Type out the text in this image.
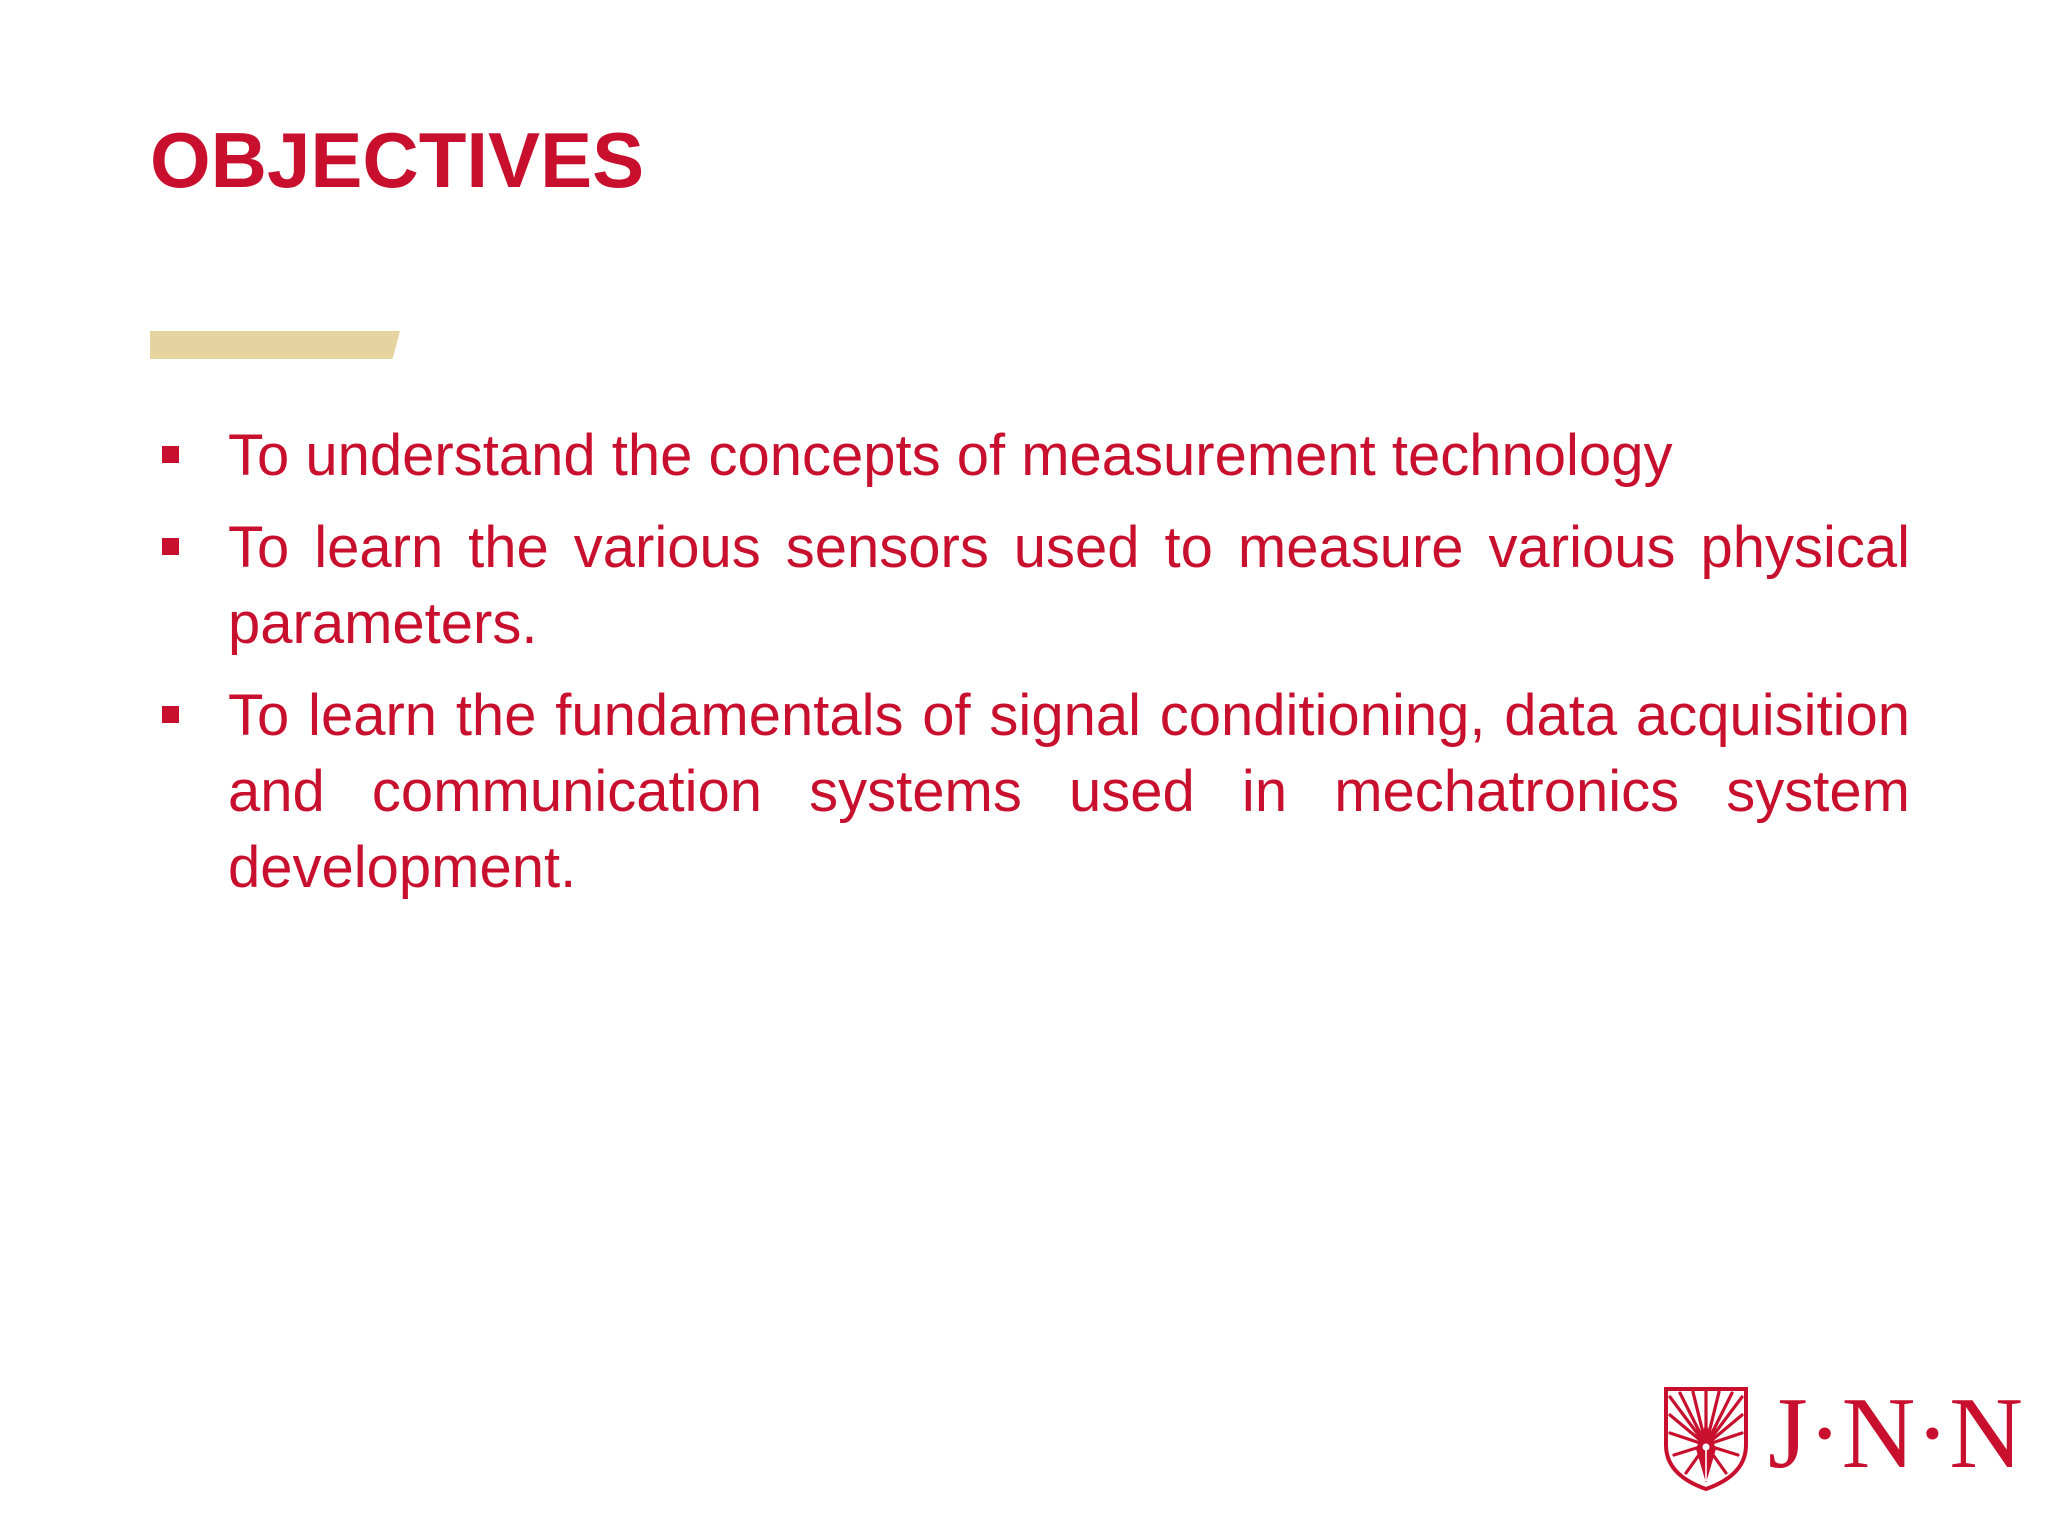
OBJECTIVES
To understand the concepts of measurement technology
To learn the various sensors used to measure various physical parameters.
To learn the fundamentals of signal conditioning, data acquisition and communication systems used in mechatronics system development.
J·N·N
